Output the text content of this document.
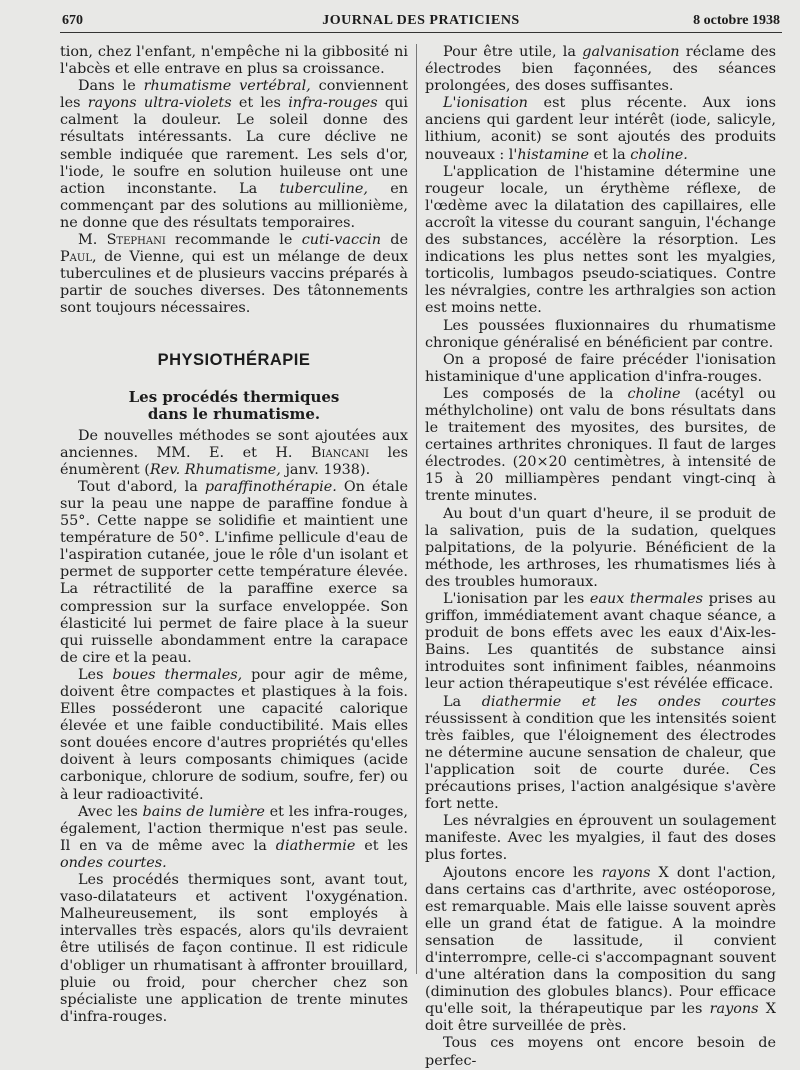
670	JOURNAL DES PRATICIENS	8 octobre 1938

tion, chez l'enfant, n'empêche ni la gibbosité ni l'abcès et elle entrave en plus sa croissance.

Dans le rhumatisme vertébral, conviennent les rayons ultra-violets et les infra-rouges qui calment la douleur. Le soleil donne des résultats intéressants. La cure déclive ne semble indiquée que rarement. Les sels d'or, l'iode, le soufre en solution huileuse ont une action inconstante. La tuberculine, en commençant par des solutions au millionième, ne donne que des résultats temporaires.

M. Stephani recommande le cuti-vaccin de Paul, de Vienne, qui est un mélange de deux tuberculines et de plusieurs vaccins préparés à partir de souches diverses. Des tâtonnements sont toujours nécessaires.

PHYSIOTHÉRAPIE
Les procédés thermiques
dans le rhumatisme.

De nouvelles méthodes se sont ajoutées aux anciennes. MM. E. et H. Biancani les énumèrent (Rev. Rhumatisme, janv. 1938).

Tout d'abord, la paraffinothérapie. On étale sur la peau une nappe de paraffine fondue à 55°. Cette nappe se solidifie et maintient une température de 50°. L'infime pellicule d'eau de l'aspiration cutanée, joue le rôle d'un isolant et permet de supporter cette température élevée. La rétractilité de la paraffine exerce sa compression sur la surface enveloppée. Son élasticité lui permet de faire place à la sueur qui ruisselle abondamment entre la carapace de cire et la peau.

Les boues thermales, pour agir de même, doivent être compactes et plastiques à la fois. Elles posséderont une capacité calorique élevée et une faible conductibilité. Mais elles sont douées encore d'autres propriétés qu'elles doivent à leurs composants chimiques (acide carbonique, chlorure de sodium, soufre, fer) ou à leur radioactivité.

Avec les bains de lumière et les infra-rouges, également, l'action thermique n'est pas seule. Il en va de même avec la diathermie et les ondes courtes.

Les procédés thermiques sont, avant tout, vaso-dilatateurs et activent l'oxygénation. Malheureusement, ils sont employés à intervalles très espacés, alors qu'ils devraient être utilisés de façon continue. Il est ridicule d'obliger un rhumatisant à affronter brouillard, pluie ou froid, pour chercher chez son spécialiste une application de trente minutes d'infra-rouges.

Pour être utile, la galvanisation réclame des électrodes bien façonnées, des séances prolongées, des doses suffisantes.

L'ionisation est plus récente. Aux ions anciens qui gardent leur intérêt (iode, salicyle, lithium, aconit) se sont ajoutés des produits nouveaux : l'histamine et la choline.

L'application de l'histamine détermine une rougeur locale, un érythème réflexe, de l'œdème avec la dilatation des capillaires, elle accroît la vitesse du courant sanguin, l'échange des substances, accélère la résorption. Les indications les plus nettes sont les myalgies, torticolis, lumbagos pseudo-sciatiques. Contre les névralgies, contre les arthralgies son action est moins nette.

Les poussées fluxionnaires du rhumatisme chronique généralisé en bénéficient par contre.

On a proposé de faire précéder l'ionisation histaminique d'une application d'infra-rouges.

Les composés de la choline (acétyl ou méthylcholine) ont valu de bons résultats dans le traitement des myosites, des bursites, de certaines arthrites chroniques. Il faut de larges électrodes. (20×20 centimètres, à intensité de 15 à 20 milliampères pendant vingt-cinq à trente minutes.

Au bout d'un quart d'heure, il se produit de la salivation, puis de la sudation, quelques palpitations, de la polyurie. Bénéficient de la méthode, les arthroses, les rhumatismes liés à des troubles humoraux.

L'ionisation par les eaux thermales prises au griffon, immédiatement avant chaque séance, a produit de bons effets avec les eaux d'Aix-les-Bains. Les quantités de substance ainsi introduites sont infiniment faibles, néanmoins leur action thérapeutique s'est révélée efficace.

La diathermie et les ondes courtes réussissent à condition que les intensités soient très faibles, que l'éloignement des électrodes ne détermine aucune sensation de chaleur, que l'application soit de courte durée. Ces précautions prises, l'action analgésique s'avère fort nette.

Les névralgies en éprouvent un soulagement manifeste. Avec les myalgies, il faut des doses plus fortes.

Ajoutons encore les rayons X dont l'action, dans certains cas d'arthrite, avec ostéoporose, est remarquable. Mais elle laisse souvent après elle un grand état de fatigue. A la moindre sensation de lassitude, il convient d'interrompre, celle-ci s'accompagnant souvent d'une altération dans la composition du sang (diminution des globules blancs). Pour efficace qu'elle soit, la thérapeutique par les rayons X doit être surveillée de près.

Tous ces moyens ont encore besoin de perfec-
